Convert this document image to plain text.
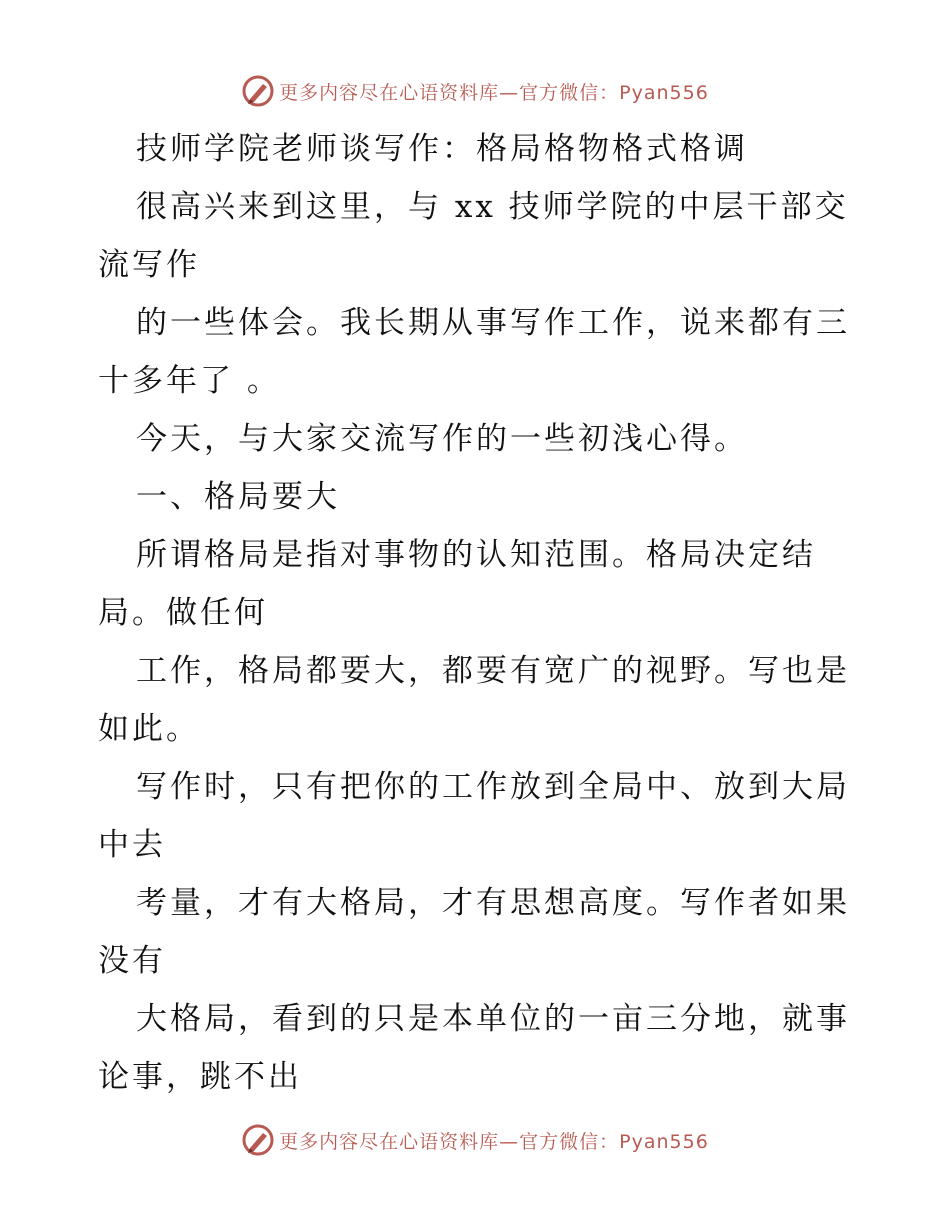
更多内容尽在心语资料库—官方微信：Pyan556
技师学院老师谈写作：格局格物格式格调
很高兴来到这里，与 xx 技师学院的中层干部交
流写作
的一些体会。我长期从事写作工作，说来都有三
十多年了 。
今天，与大家交流写作的一些初浅心得。
一、格局要大
所谓格局是指对事物的认知范围。格局决定结
局。做任何
工作，格局都要大，都要有宽广的视野。写也是
如此。
写作时，只有把你的工作放到全局中、放到大局
中去
考量，才有大格局，才有思想高度。写作者如果
没有
大格局，看到的只是本单位的一亩三分地，就事
论事，跳不出
更多内容尽在心语资料库—官方微信：Pyan556
